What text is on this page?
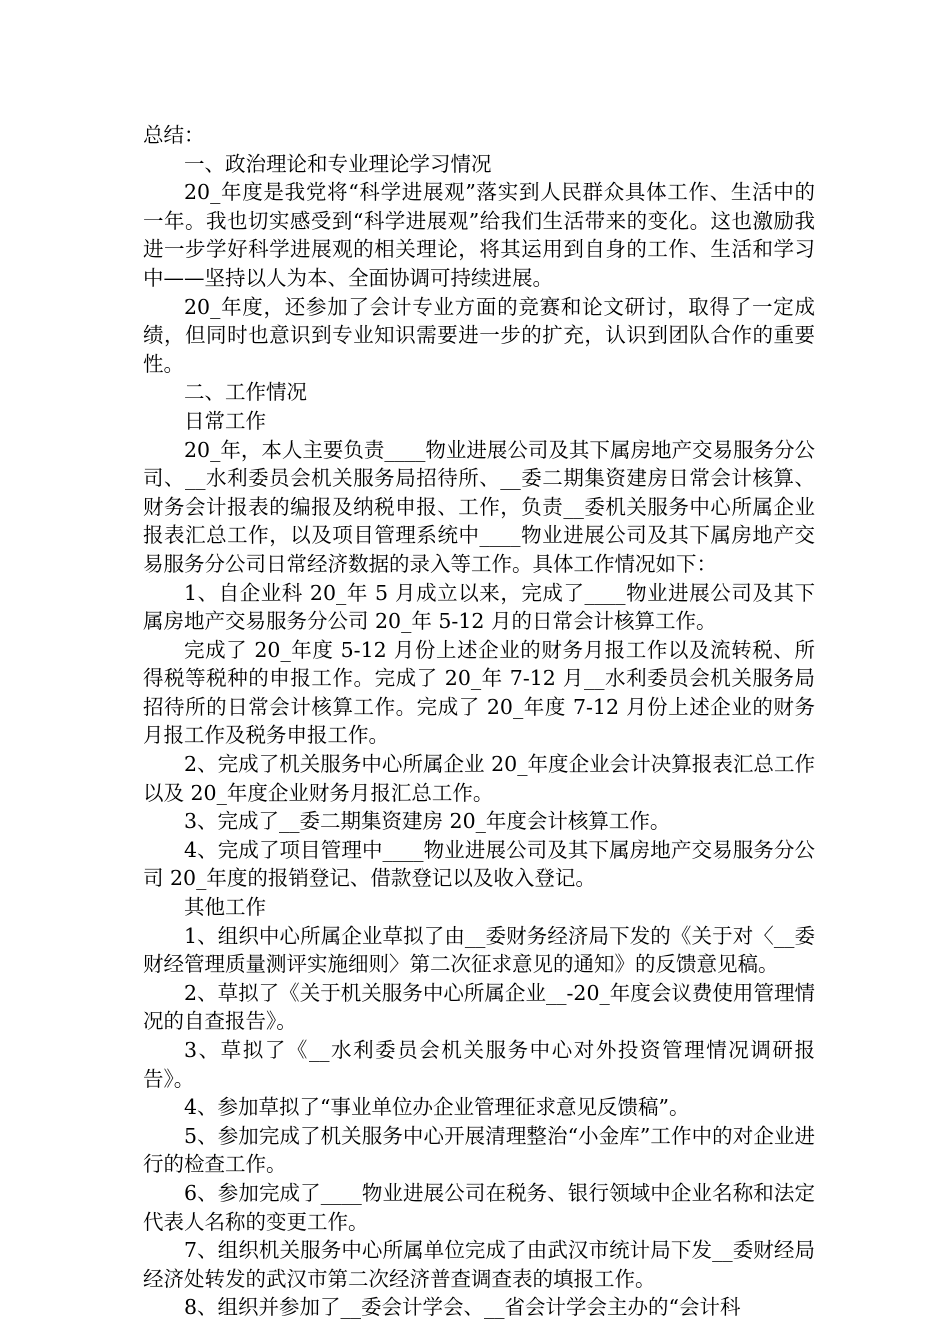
总结：

一、政治理论和专业理论学习情况

20_年度是我党将“科学进展观”落实到人民群众具体工作、生活中的一年。我也切实感受到“科学进展观”给我们生活带来的变化。这也激励我进一步学好科学进展观的相关理论，将其运用到自身的工作、生活和学习中——坚持以人为本、全面协调可持续进展。

20_年度，还参加了会计专业方面的竞赛和论文研讨，取得了一定成绩，但同时也意识到专业知识需要进一步的扩充，认识到团队合作的重要性。

二、工作情况

日常工作

20_年，本人主要负责____物业进展公司及其下属房地产交易服务分公司、__水利委员会机关服务局招待所、__委二期集资建房日常会计核算、财务会计报表的编报及纳税申报、工作，负责__委机关服务中心所属企业报表汇总工作，以及项目管理系统中____物业进展公司及其下属房地产交易服务分公司日常经济数据的录入等工作。具体工作情况如下：

1、自企业科 20_年 5 月成立以来，完成了____物业进展公司及其下属房地产交易服务分公司 20_年 5-12 月的日常会计核算工作。

完成了 20_年度 5-12 月份上述企业的财务月报工作以及流转税、所得税等税种的申报工作。完成了 20_年 7-12 月__水利委员会机关服务局招待所的日常会计核算工作。完成了 20_年度 7-12 月份上述企业的财务月报工作及税务申报工作。

2、完成了机关服务中心所属企业 20_年度企业会计决算报表汇总工作以及 20_年度企业财务月报汇总工作。

3、完成了__委二期集资建房 20_年度会计核算工作。

4、完成了项目管理中____物业进展公司及其下属房地产交易服务分公司 20_年度的报销登记、借款登记以及收入登记。

其他工作

1、组织中心所属企业草拟了由__委财务经济局下发的《关于对〈__委财经管理质量测评实施细则〉第二次征求意见的通知》的反馈意见稿。

2、草拟了《关于机关服务中心所属企业__-20_年度会议费使用管理情况的自查报告》。

3、草拟了《__水利委员会机关服务中心对外投资管理情况调研报告》。

4、参加草拟了“事业单位办企业管理征求意见反馈稿”。

5、参加完成了机关服务中心开展清理整治“小金库”工作中的对企业进行的检查工作。

6、参加完成了____物业进展公司在税务、银行领域中企业名称和法定代表人名称的变更工作。

7、组织机关服务中心所属单位完成了由武汉市统计局下发__委财经局经济处转发的武汉市第二次经济普查调查表的填报工作。

8、组织并参加了__委会计学会、__省会计学会主办的“会计科
